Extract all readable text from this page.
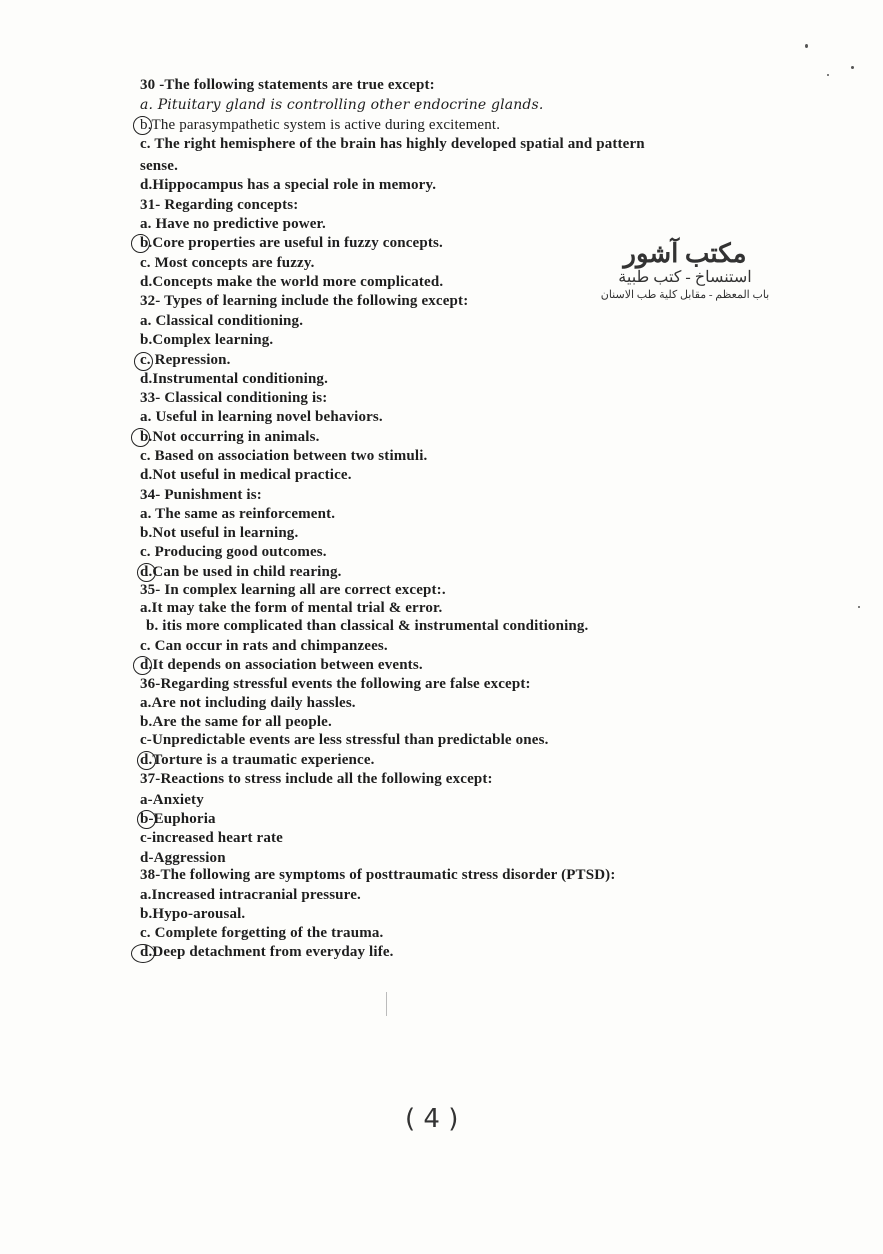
30 -The following statements are true except:
a. Pituitary gland is controlling other endocrine glands.
b.The parasympathetic system is active during excitement.
c. The right hemisphere of the brain has highly developed spatial and pattern
sense.
d.Hippocampus has a special role in memory.
31- Regarding concepts:
a. Have no predictive power.
b.Core properties are useful in fuzzy concepts.
c. Most concepts are fuzzy.
d.Concepts make the world more complicated.
32- Types of learning include the following except:
a. Classical conditioning.
b.Complex learning.
c. Repression.
d.Instrumental conditioning.
33- Classical conditioning is:
a. Useful in learning novel behaviors.
b.Not occurring in animals.
c. Based on association between two stimuli.
d.Not useful in medical practice.
34- Punishment is:
a. The same as reinforcement.
b.Not useful in learning.
c. Producing good outcomes.
d.Can be used in child rearing.
35- In complex learning all are correct except:.
a.It may take the form of mental trial & error.
b. itis more complicated than classical & instrumental conditioning.
c. Can occur in rats and chimpanzees.
d.It depends on association between events.
36-Regarding stressful events the following are false except:
a.Are not including daily hassles.
b.Are the same for all people.
c-Unpredictable events are less stressful than predictable ones.
d.Torture is a traumatic experience.
37-Reactions to stress include all the following except:
a-Anxiety
b-Euphoria
c-increased heart rate
d-Aggression
38-The following are symptoms of posttraumatic stress disorder (PTSD):
a.Increased intracranial pressure.
b.Hypo-arousal.
c. Complete forgetting of the trauma.
d.Deep detachment from everyday life.
مكتب آشور
استنساخ - كتب طبية
باب المعظم - مقابل كلية طب الاسنان
( 4 )
